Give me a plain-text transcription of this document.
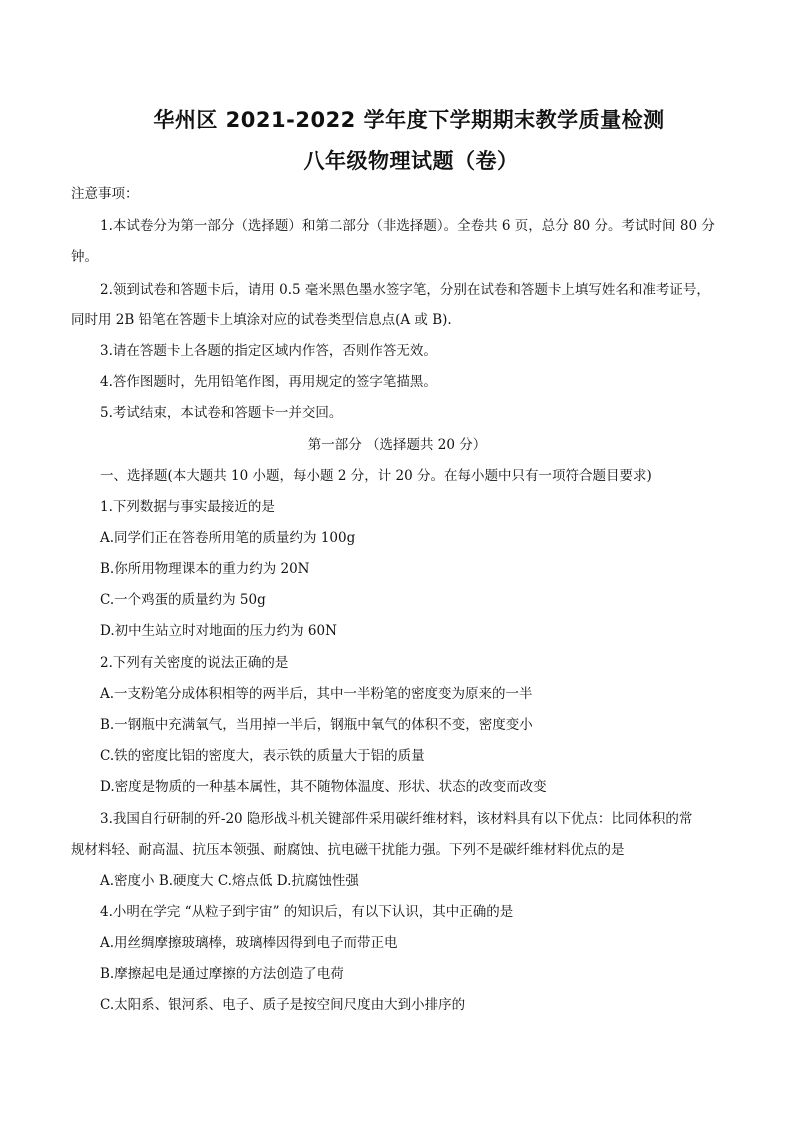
华州区 2021-2022 学年度下学期期末教学质量检测
八年级物理试题（卷）
注意事项：
1.本试卷分为第一部分（选择题）和第二部分（非选择题）。全卷共 6 页，总分 80 分。考试时间 80 分
钟。
2.领到试卷和答题卡后，请用 0.5 毫米黑色墨水签字笔，分别在试卷和答题卡上填写姓名和准考证号，
同时用 2B 铅笔在答题卡上填涂对应的试卷类型信息点(A 或 B).
3.请在答题卡上各题的指定区域内作答，否则作答无效。
4.答作图题时，先用铅笔作图，再用规定的签字笔描黑。
5.考试结束，本试卷和答题卡一并交回。
第一部分 （选择题共 20 分）
一、选择题(本大题共 10 小题，每小题 2 分，计 20 分。在每小题中只有一项符合题目要求)
1.下列数据与事实最接近的是
A.同学们正在答卷所用笔的质量约为 100g
B.你所用物理课本的重力约为 20N
C.一个鸡蛋的质量约为 50g
D.初中生站立时对地面的压力约为 60N
2.下列有关密度的说法正确的是
A.一支粉笔分成体积相等的两半后，其中一半粉笔的密度变为原来的一半
B.一钢瓶中充满氧气，当用掉一半后，钢瓶中氧气的体积不变，密度变小
C.铁的密度比铝的密度大，表示铁的质量大于铝的质量
D.密度是物质的一种基本属性，其不随物体温度、形状、状态的改变而改变
3.我国自行研制的歼-20 隐形战斗机关键部件采用碳纤维材料，该材料具有以下优点：比同体积的常
规材料轻、耐高温、抗压本领强、耐腐蚀、抗电磁干扰能力强。下列不是碳纤维材料优点的是
A.密度小 B.硬度大 C.熔点低 D.抗腐蚀性强
4.小明在学完 “从粒子到宇宙” 的知识后，有以下认识，其中正确的是
A.用丝绸摩擦玻璃棒，玻璃棒因得到电子而带正电
B.摩擦起电是通过摩擦的方法创造了电荷
C.太阳系、银河系、电子、质子是按空间尺度由大到小排序的
